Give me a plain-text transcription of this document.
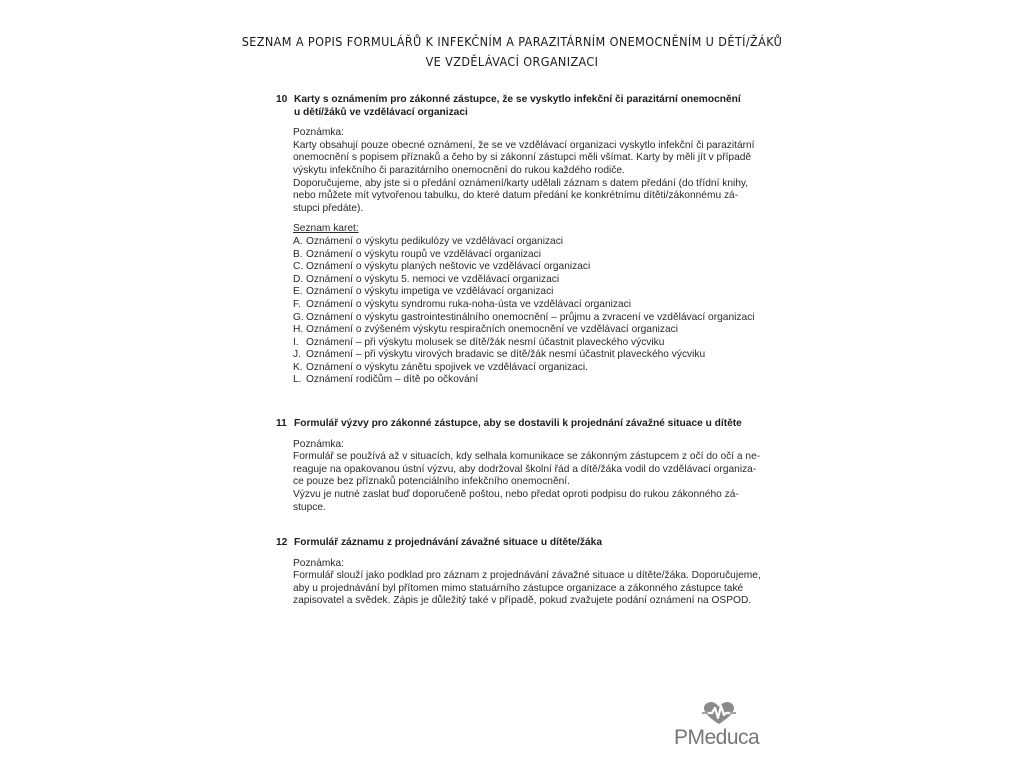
SEZNAM A POPIS FORMULÁŘŮ K INFEKČNÍM A PARAZITÁRNÍM ONEMOCNĚNÍM U DĚTÍ/ŽÁKŮ
VE VZDĚLÁVACÍ ORGANIZACI
10 Karty s oznámením pro zákonné zástupce, že se vyskytlo infekční či parazitární onemocnění
u dětí/žáků ve vzdělávací organizaci
Poznámka:
Karty obsahují pouze obecné oznámení, že se ve vzdělávací organizaci vyskytlo infekční či parazitární
onemocnění s popisem příznaků a čeho by si zákonní zástupci měli všímat. Karty by měli jít v případě
výskytu infekčního či parazitárního onemocnění do rukou každého rodiče.
Doporučujeme, aby jste si o předání oznámení/karty udělali záznam s datem předání (do třídní knihy,
nebo můžete mít vytvořenou tabulku, do které datum předání ke konkrétnímu dítěti/zákonnému zá-
stupci předáte).
Seznam karet:
A. Oznámení o výskytu pedikulózy ve vzdělávací organizaci
B. Oznámení o výskytu roupů ve vzdělávací organizaci
C. Oznámení o výskytu planých neštovic ve vzdělávací organizaci
D. Oznámení o výskytu 5. nemoci ve vzdělávací organizaci
E. Oznámení o výskytu impetiga ve vzdělávací organizaci
F. Oznámení o výskytu syndromu ruka-noha-ústa ve vzdělávací organizaci
G. Oznámení o výskytu gastrointestinálního onemocnění – průjmu a zvracení ve vzdělávací organizaci
H. Oznámení o zvýšeném výskytu respiračních onemocnění ve vzdělávací organizaci
I. Oznámení – při výskytu molusek se dítě/žák nesmí účastnit plaveckého výcviku
J. Oznámení – při výskytu virových bradavic se dítě/žák nesmí účastnit plaveckého výcviku
K. Oznámení o výskytu zánětu spojivek ve vzdělávací organizaci.
L. Oznámení rodičům – dítě po očkování
11 Formulář výzvy pro zákonné zástupce, aby se dostavili k projednání závažné situace u dítěte
Poznámka:
Formulář se používá až v situacích, kdy selhala komunikace se zákonným zástupcem z očí do očí a ne-
reaguje na opakovanou ústní výzvu, aby dodržoval školní řád a dítě/žáka vodil do vzdělávací organiza-
ce pouze bez příznaků potenciálního infekčního onemocnění.
Výzvu je nutné zaslat buď doporučeně poštou, nebo předat oproti podpisu do rukou zákonného zá-
stupce.
12 Formulář záznamu z projednávání závažné situace u dítěte/žáka
Poznámka:
Formulář slouží jako podklad pro záznam z projednávání závažné situace u dítěte/žáka. Doporučujeme,
aby u projednávání byl přítomen mimo statuárního zástupce organizace a zákonného zástupce také
zapisovatel a svědek. Zápis je důležitý také v případě, pokud zvažujete podání oznámení na OSPOD.
PMeduca
